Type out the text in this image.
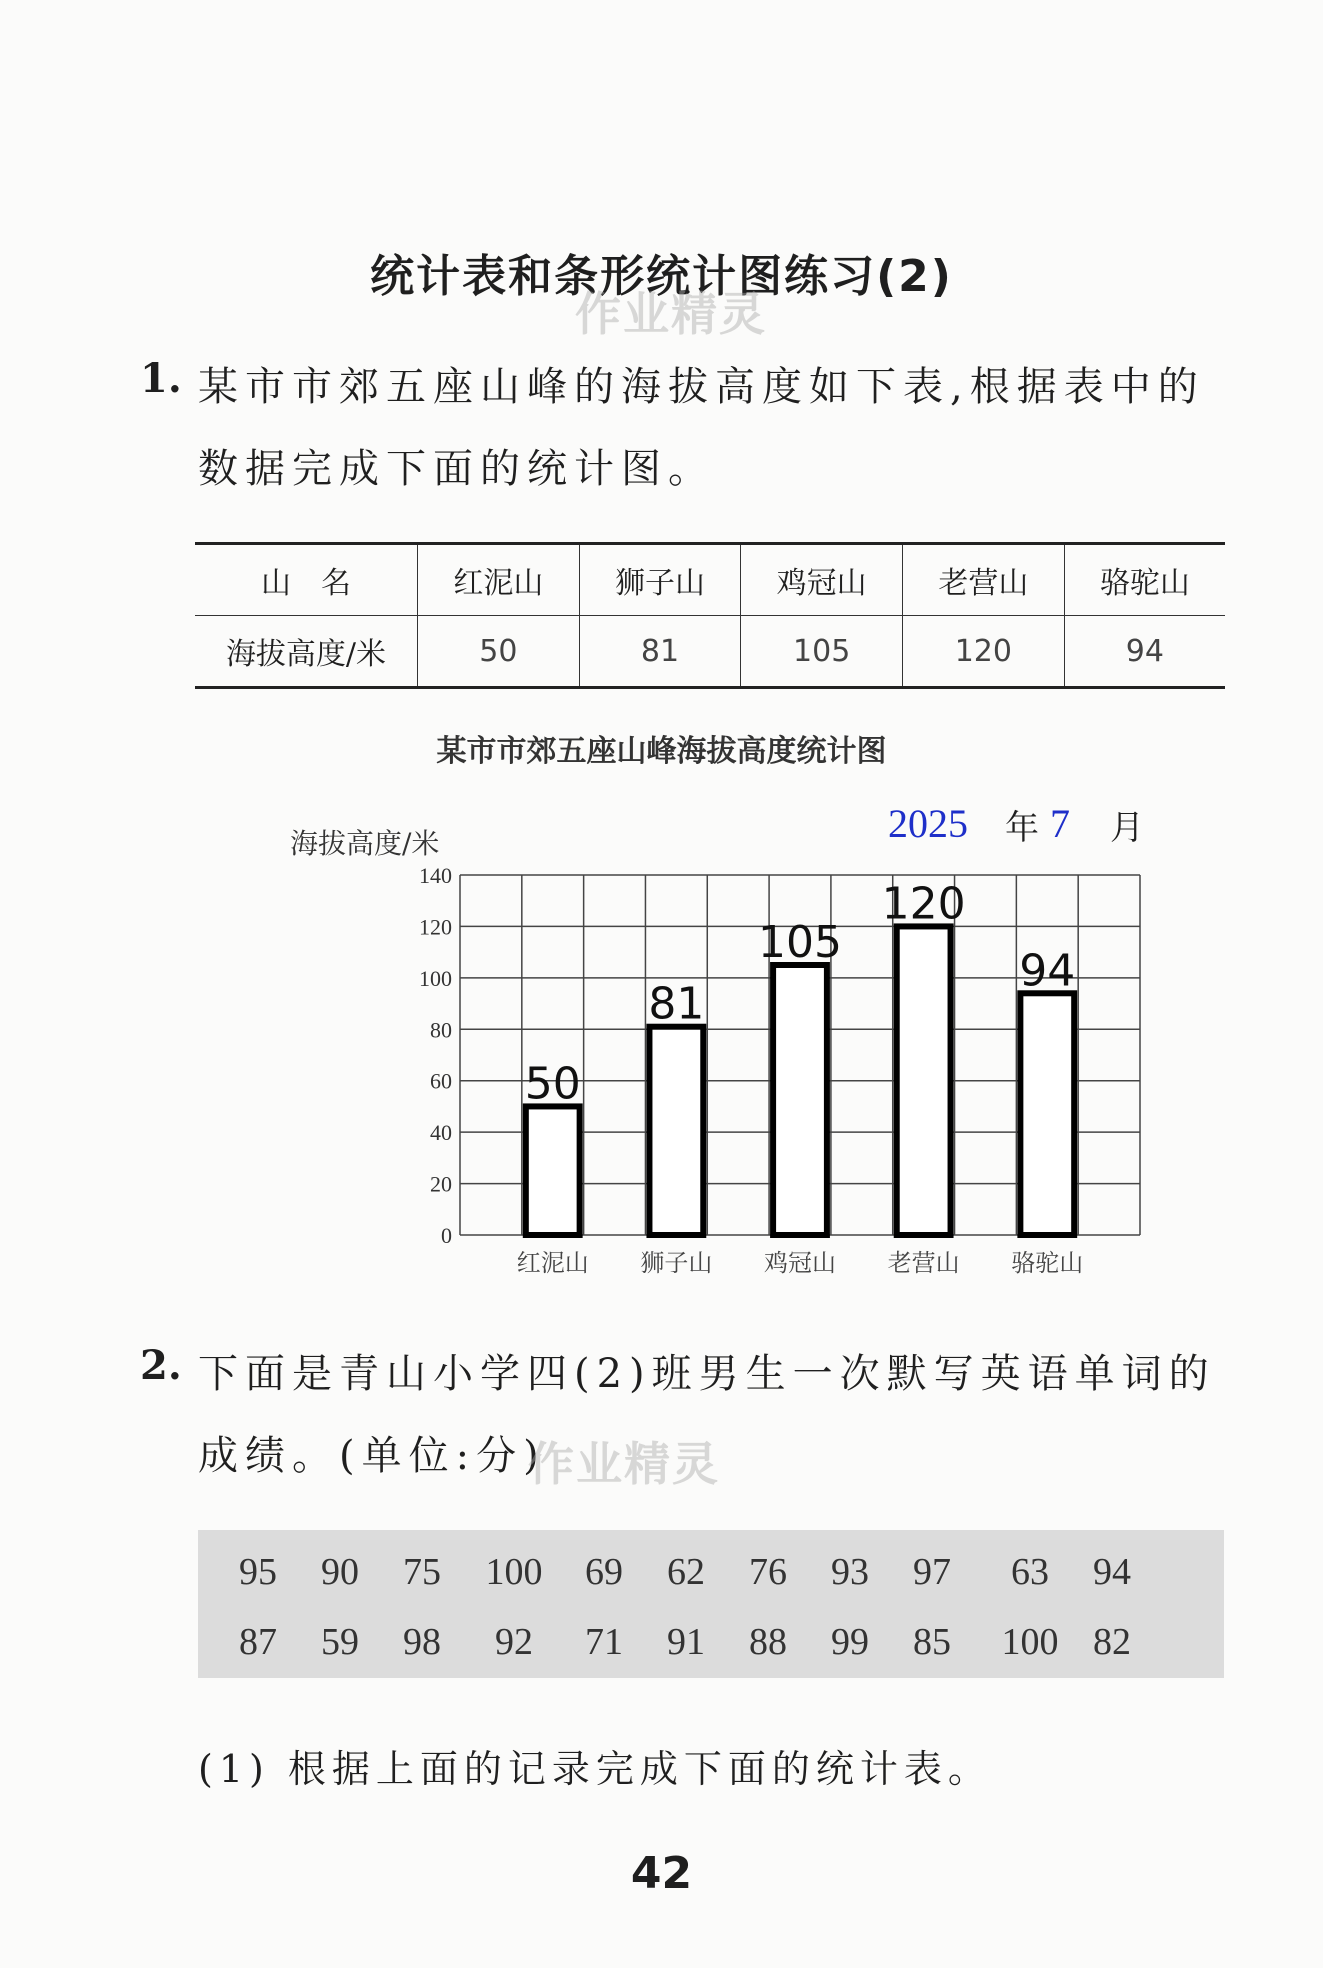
统计表和条形统计图练习(2)
作业精灵
1. 某市市郊五座山峰的海拔高度如下表,根据表中的
数据完成下面的统计图。
山　名	红泥山	狮子山	鸡冠山	老营山	骆驼山
海拔高度/米	50	81	105	120	94
某市市郊五座山峰海拔高度统计图
2025 年 7 月
海拔高度/米
0
20
40
60
80
100
120
140
50
81
105
120
94
红泥山 狮子山 鸡冠山 老营山 骆驼山
2. 下面是青山小学四(2)班男生一次默写英语单词的
成绩。(单位:分)
作业精灵
95	90	75	100	69	62	76	93	97	63	94
87	59	98	92	71	91	88	99	85	100 82
(1) 根据上面的记录完成下面的统计表。
42
